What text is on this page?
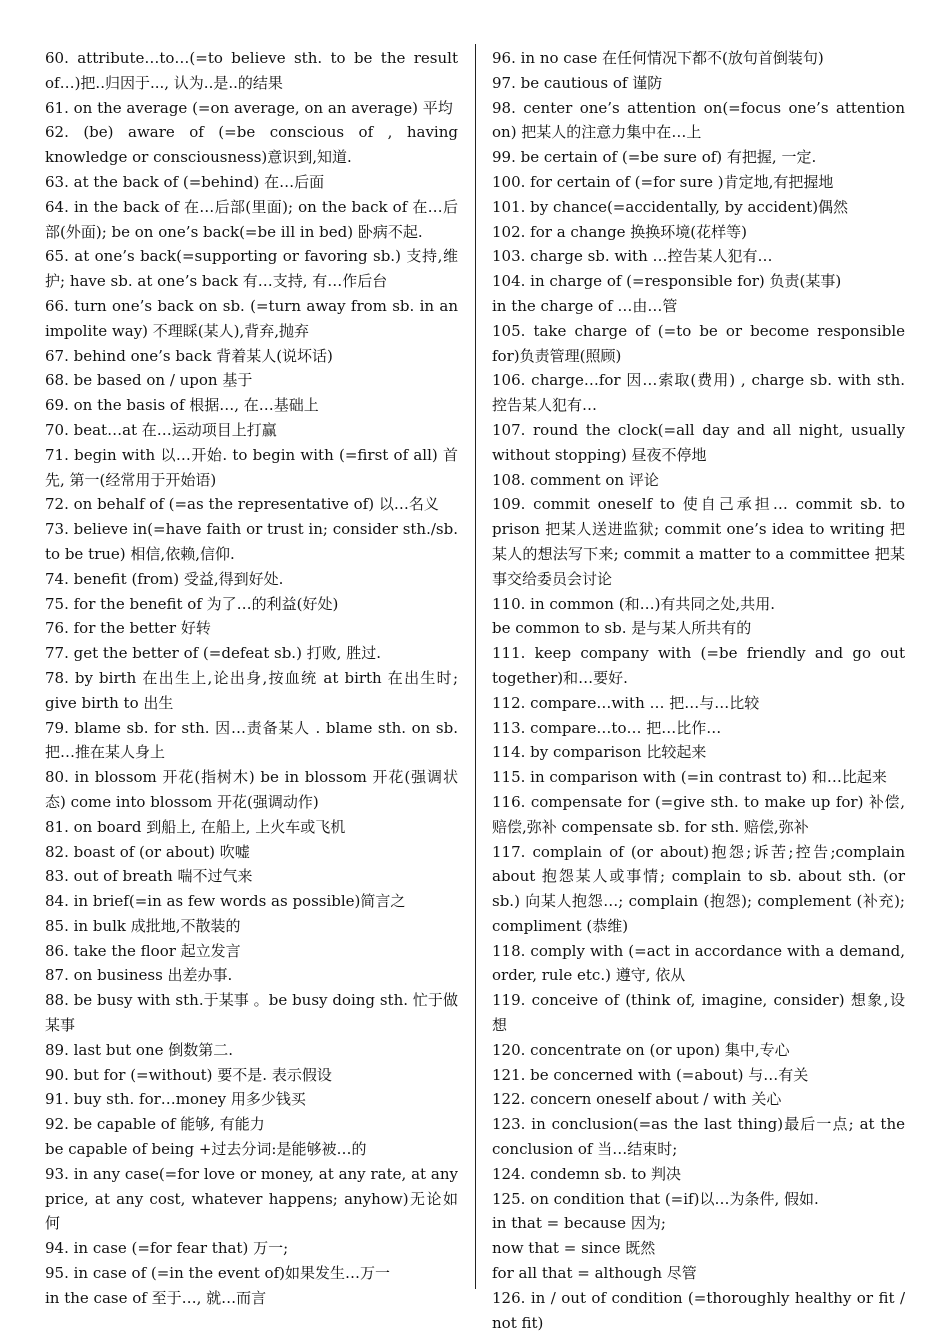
60. attribute…to…(=to believe sth. to be the result of…)把..归因于..., 认为..是..的结果

61. on the average (=on average, on an average) 平均

62. (be) aware of (=be conscious of , having knowledge or consciousness)意识到,知道.

63. at the back of (=behind) 在…后面

64. in the back of 在…后部(里面); on the back of 在…后部(外面); be on one’s back(=be ill in bed) 卧病不起.

65. at one’s back(=supporting or favoring sb.) 支持,维护; have sb. at one’s back 有…支持, 有…作后台

66. turn one’s back on sb. (=turn away from sb. in an impolite way) 不理睬(某人),背弃,抛弃

67. behind one’s back 背着某人(说坏话)

68. be based on / upon 基于

69. on the basis of 根据…, 在…基础上

70. beat…at 在…运动项目上打赢

71. begin with 以…开始. to begin with (=first of all) 首先, 第一(经常用于开始语)

72. on behalf of (=as the representative of) 以…名义

73. believe in(=have faith or trust in; consider sth./sb. to be true) 相信,依赖,信仰.

74. benefit (from) 受益,得到好处.

75. for the benefit of 为了…的利益(好处)

76. for the better 好转

77. get the better of (=defeat sb.) 打败, 胜过.

78. by birth 在出生上,论出身,按血统 at birth 在出生时; give birth to 出生

79. blame sb. for sth. 因…责备某人 . blame sth. on sb. 把…推在某人身上

80. in blossom 开花(指树木) be in blossom 开花(强调状态) come into blossom 开花(强调动作)

81. on board 到船上, 在船上, 上火车或飞机

82. boast of (or about) 吹嘘

83. out of breath 喘不过气来

84. in brief(=in as few words as possible)简言之

85. in bulk 成批地,不散装的

86. take the floor 起立发言

87. on business 出差办事.

88. be busy with sth.于某事 。be busy doing sth. 忙于做某事

89. last but one 倒数第二.

90. but for (=without) 要不是. 表示假设

91. buy sth. for…money 用多少钱买

92. be capable of 能够, 有能力

be capable of being +过去分词:是能够被…的

93. in any case(=for love or money, at any rate, at any price, at any cost, whatever happens; anyhow)无论如何

94. in case (=for fear that) 万一;

95. in case of (=in the event of)如果发生…万一

in the case of 至于…, 就…而言

96. in no case 在任何情况下都不(放句首倒装句)

97. be cautious of 谨防

98. center one’s attention on(=focus one’s attention on) 把某人的注意力集中在…上

99. be certain of (=be sure of) 有把握, 一定.

100. for certain of (=for sure )肯定地,有把握地

101. by chance(=accidentally, by accident)偶然

102. for a change 换换环境(花样等)

103. charge sb. with …控告某人犯有…

104. in charge of (=responsible for) 负责(某事)

in the charge of …由…管

105. take charge of (=to be or become responsible for)负责管理(照顾)

106. charge…for 因…索取(费用) , charge sb. with sth. 控告某人犯有…

107. round the clock(=all day and all night, usually without stopping) 昼夜不停地

108. comment on 评论

109. commit oneself to 使自己承担… commit sb. to prison 把某人送进监狱; commit one’s idea to writing 把某人的想法写下来; commit a matter to a committee 把某事交给委员会讨论

110. in common (和…)有共同之处,共用.

be common to sb. 是与某人所共有的

111. keep company with (=be friendly and go out together)和…要好.

112. compare…with … 把…与…比较

113. compare…to… 把…比作…

114. by comparison 比较起来

115. in comparison with (=in contrast to) 和…比起来

116. compensate for (=give sth. to make up for) 补偿, 赔偿,弥补 compensate sb. for sth. 赔偿,弥补

117. complain of (or about)抱怨;诉苦;控告;complain about 抱怨某人或事情; complain to sb. about sth. (or sb.) 向某人抱怨…; complain (抱怨); complement (补充); compliment (恭维)

118. comply with (=act in accordance with a demand, order, rule etc.) 遵守, 依从

119. conceive of (think of, imagine, consider) 想象,设想

120. concentrate on (or upon) 集中,专心

121. be concerned with (=about) 与…有关

122. concern oneself about / with 关心

123. in conclusion(=as the last thing)最后一点; at the conclusion of 当…结束时;

124. condemn sb. to 判决

125. on condition that (=if)以…为条件, 假如.

in that = because 因为;

now that = since 既然

for all that = although 尽管

126. in / out of condition (=thoroughly healthy or fit / not fit)
